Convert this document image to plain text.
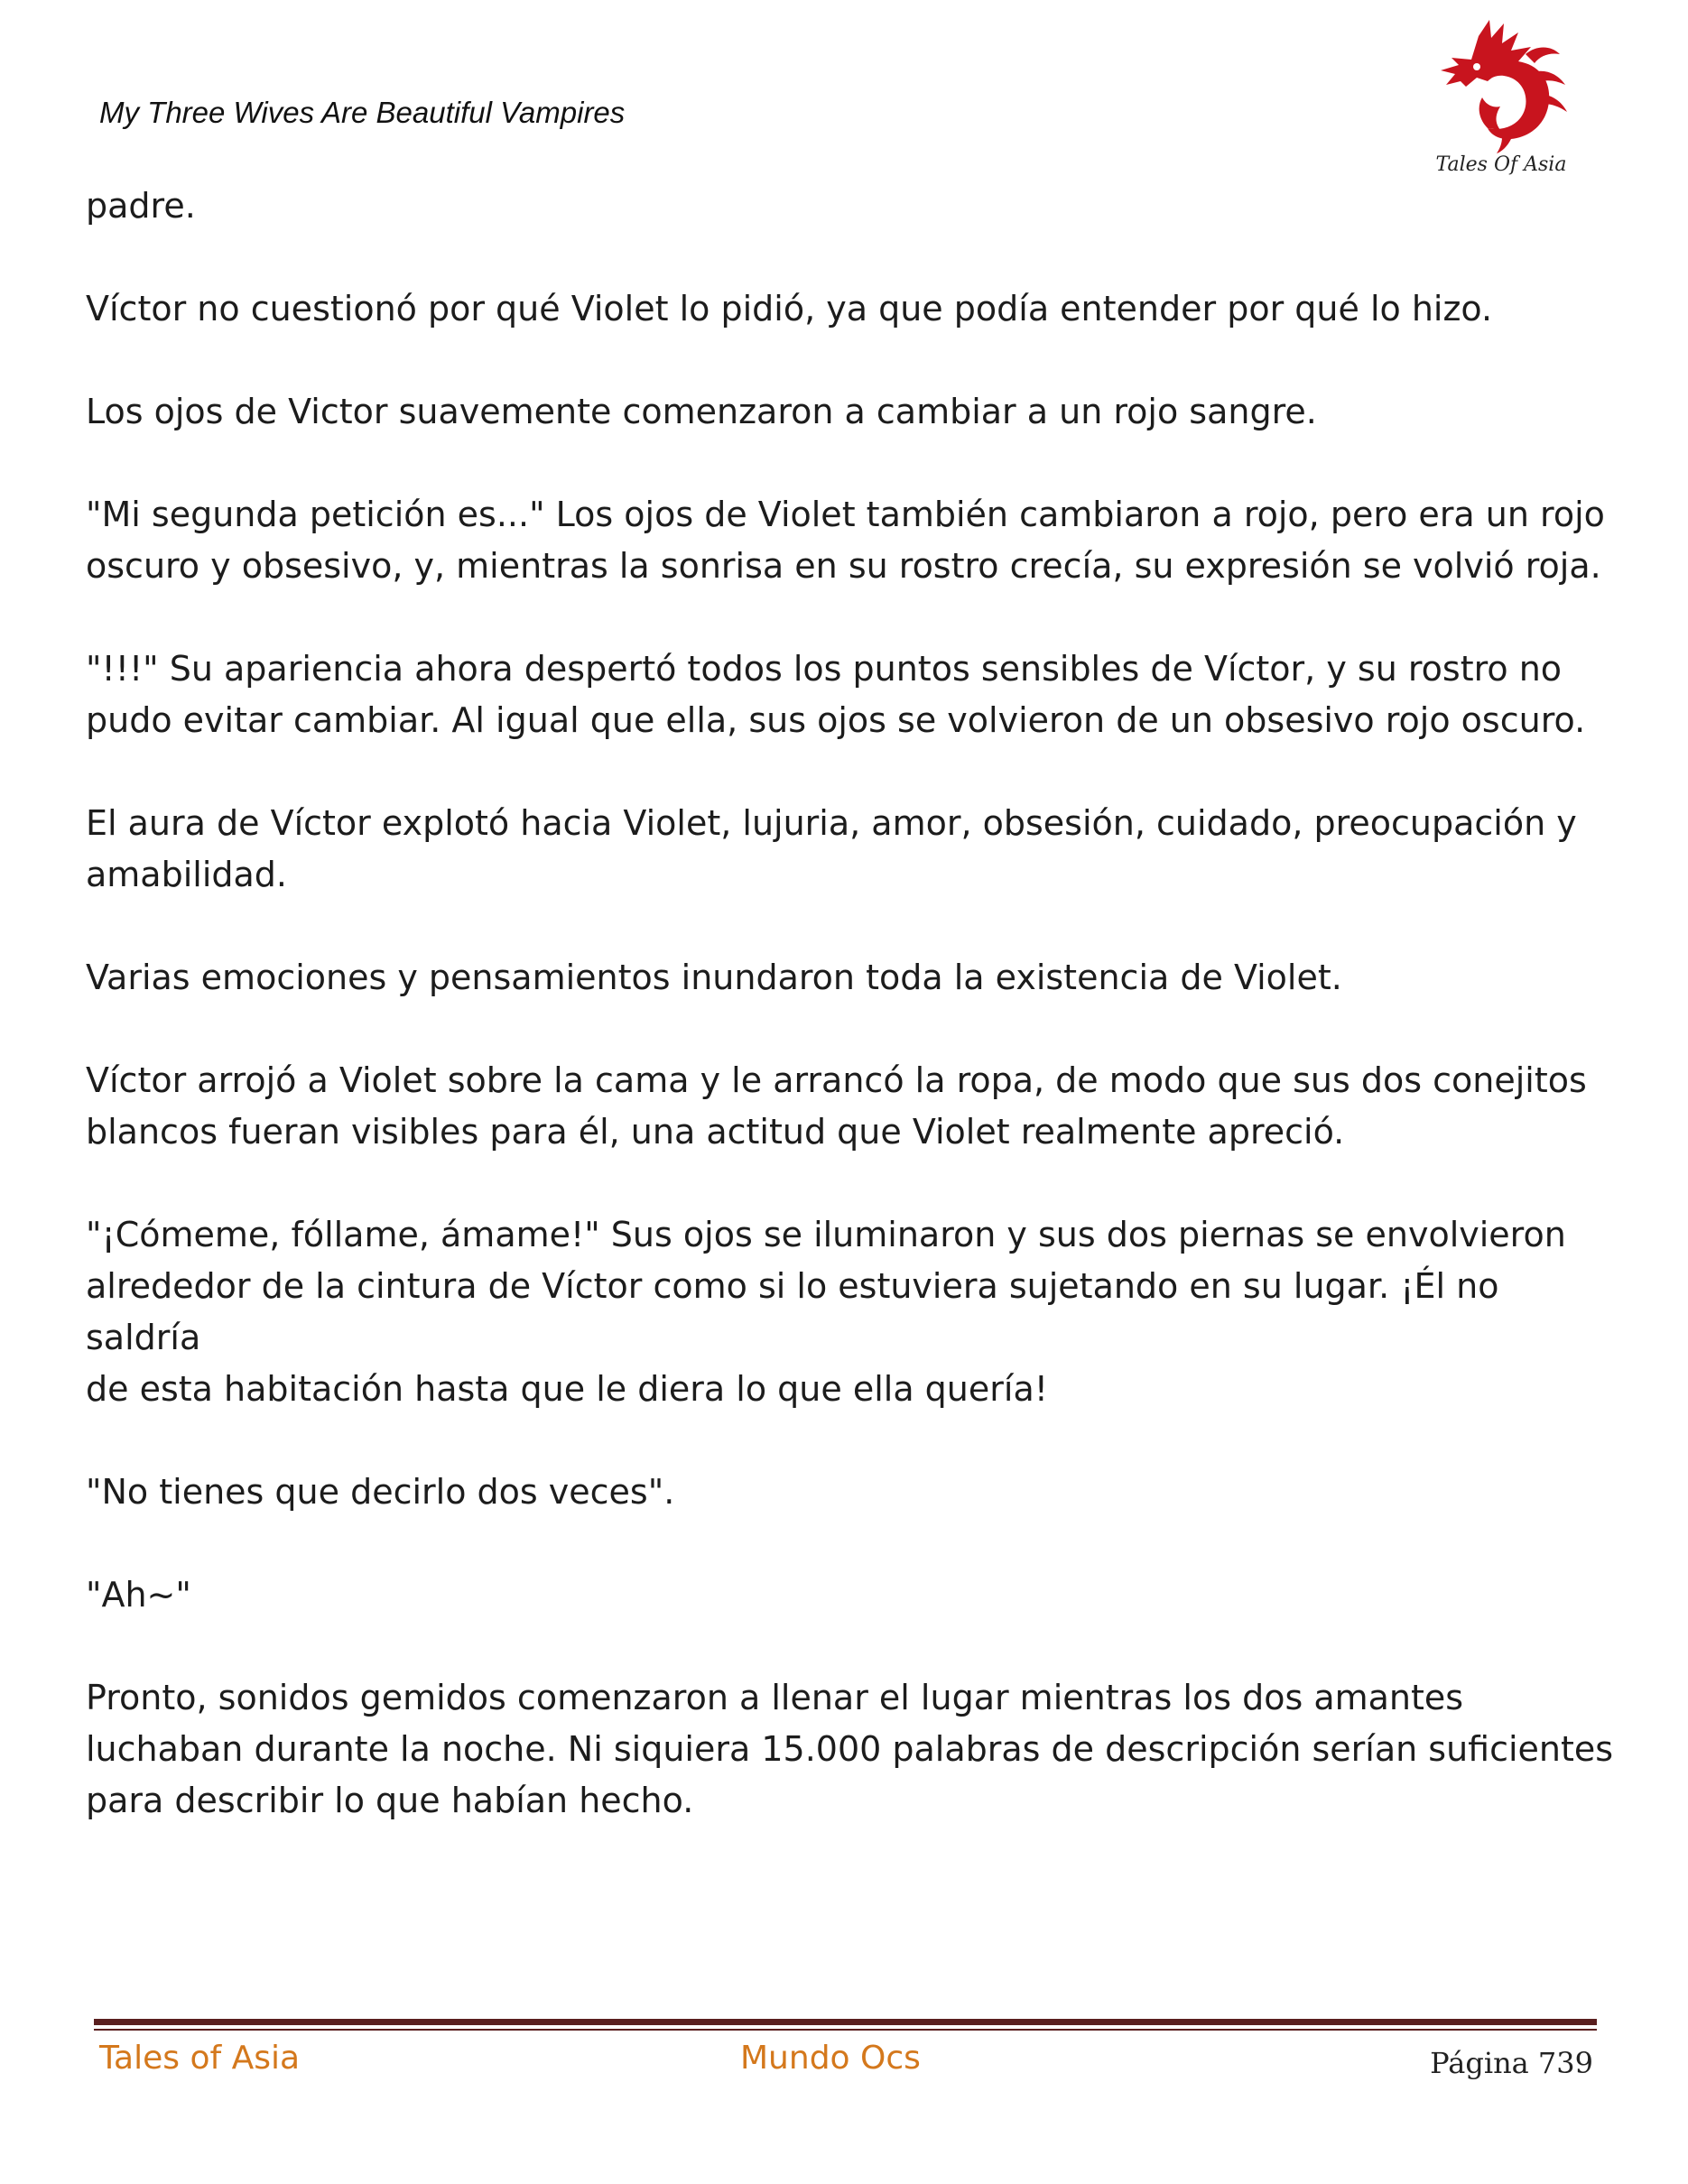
My Three Wives Are Beautiful Vampires
Tales Of Asia

padre.

Víctor no cuestionó por qué Violet lo pidió, ya que podía entender por qué lo hizo.

Los ojos de Victor suavemente comenzaron a cambiar a un rojo sangre.

"Mi segunda petición es..." Los ojos de Violet también cambiaron a rojo, pero era un rojo
oscuro y obsesivo, y, mientras la sonrisa en su rostro crecía, su expresión se volvió roja.

"!!!" Su apariencia ahora despertó todos los puntos sensibles de Víctor, y su rostro no
pudo evitar cambiar. Al igual que ella, sus ojos se volvieron de un obsesivo rojo oscuro.

El aura de Víctor explotó hacia Violet, lujuria, amor, obsesión, cuidado, preocupación y
amabilidad.

Varias emociones y pensamientos inundaron toda la existencia de Violet.

Víctor arrojó a Violet sobre la cama y le arrancó la ropa, de modo que sus dos conejitos
blancos fueran visibles para él, una actitud que Violet realmente apreció.

"¡Cómeme, fóllame, ámame!" Sus ojos se iluminaron y sus dos piernas se envolvieron
alrededor de la cintura de Víctor como si lo estuviera sujetando en su lugar. ¡Él no saldría
de esta habitación hasta que le diera lo que ella quería!

"No tienes que decirlo dos veces".

"Ah~"

Pronto, sonidos gemidos comenzaron a llenar el lugar mientras los dos amantes
luchaban durante la noche. Ni siquiera 15.000 palabras de descripción serían suficientes
para describir lo que habían hecho.

Tales of Asia	Mundo Ocs	Página 739
